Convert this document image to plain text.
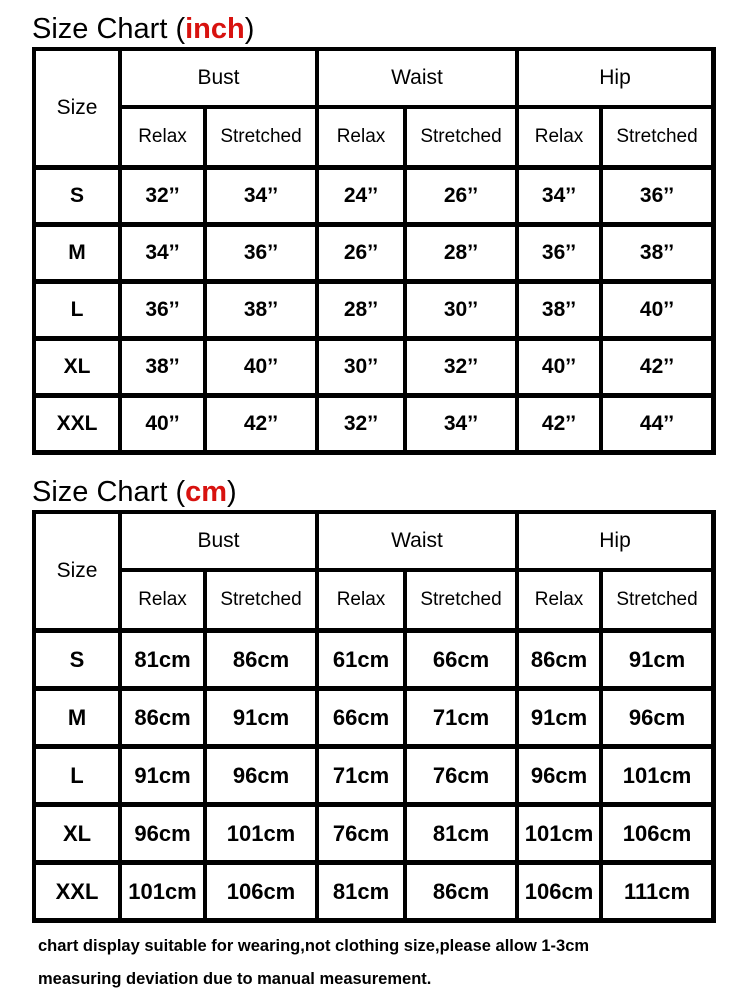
Size Chart (inch)
Size	Bust		Waist		Hip	
	Relax	Stretched	Relax	Stretched	Relax	Stretched
S	32’’	34’’	24’’	26’’	34’’	36’’
M	34’’	36’’	26’’	28’’	36’’	38’’
L	36’’	38’’	28’’	30’’	38’’	40’’
XL	38’’	40’’	30’’	32’’	40’’	42’’
XXL	40’’	42’’	32’’	34’’	42’’	44’’
Size Chart (cm)
Size	Bust		Waist		Hip	
	Relax	Stretched	Relax	Stretched	Relax	Stretched
S	81cm	86cm	61cm	66cm	86cm	91cm
M	86cm	91cm	66cm	71cm	91cm	96cm
L	91cm	96cm	71cm	76cm	96cm	101cm
XL	96cm	101cm	76cm	81cm	101cm	106cm
XXL	101cm	106cm	81cm	86cm	106cm	111cm

chart display suitable for wearing,not clothing size,please allow 1-3cm
measuring deviation due to manual measurement.
